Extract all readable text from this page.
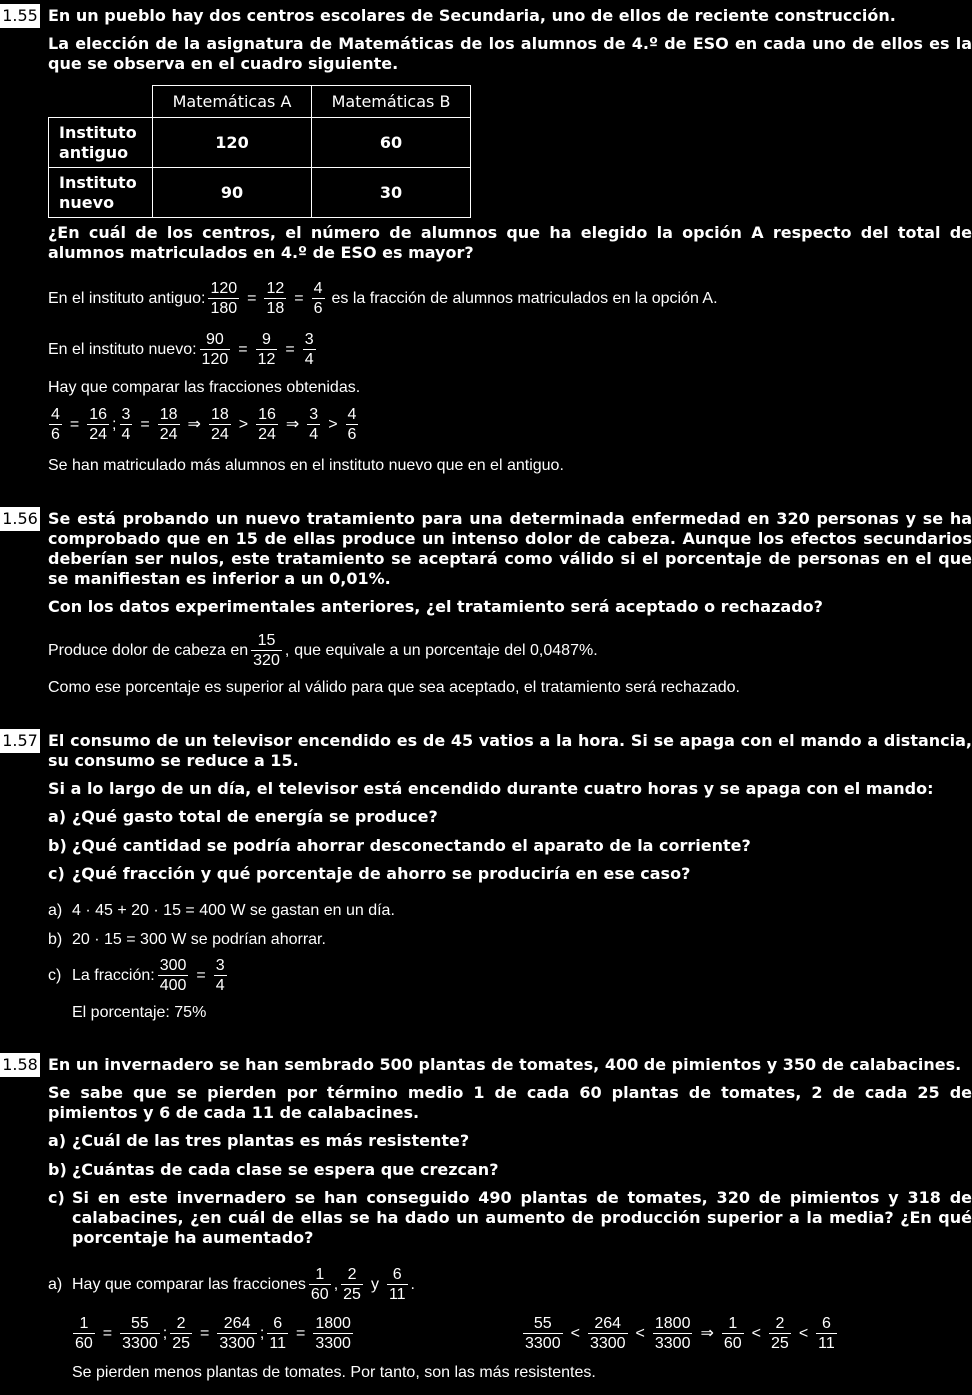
1.55 En un pueblo hay dos centros escolares de Secundaria, uno de ellos de reciente construcción.
La elección de la asignatura de Matemáticas de los alumnos de 4.º de ESO en cada uno de ellos es la que se observa en el cuadro siguiente.
	Matemáticas A	Matemáticas B
Instituto antiguo	120	60
Instituto nuevo	90	30
¿En cuál de los centros, el número de alumnos que ha elegido la opción A respecto del total de alumnos matriculados en 4.º de ESO es mayor?
En el instituto antiguo: $\frac{120}{180} = \frac{12}{18} = \frac{4}{6}$ es la fracción de alumnos matriculados en la opción A.
En el instituto nuevo: $\frac{90}{120} = \frac{9}{12} = \frac{3}{4}$
Hay que comparar las fracciones obtenidas.
$\frac{4}{6} = \frac{16}{24}$ ; $\frac{3}{4} = \frac{18}{24}$ ⇒ $\frac{18}{24} > \frac{16}{24}$ ⇒ $\frac{3}{4} > \frac{4}{6}$
Se han matriculado más alumnos en el instituto nuevo que en el antiguo.
1.56 Se está probando un nuevo tratamiento para una determinada enfermedad en 320 personas y se ha comprobado que en 15 de ellas produce un intenso dolor de cabeza. Aunque los efectos secundarios deberían ser nulos, este tratamiento se aceptará como válido si el porcentaje de personas en el que se manifiestan es inferior a un 0,01%.
Con los datos experimentales anteriores, ¿el tratamiento será aceptado o rechazado?
Produce dolor de cabeza en $\frac{15}{320}$ , que equivale a un porcentaje del 0,0487%.
Como ese porcentaje es superior al válido para que sea aceptado, el tratamiento será rechazado.
1.57 El consumo de un televisor encendido es de 45 vatios a la hora. Si se apaga con el mando a distancia, su consumo se reduce a 15.
Si a lo largo de un día, el televisor está encendido durante cuatro horas y se apaga con el mando:
a) ¿Qué gasto total de energía se produce?
b) ¿Qué cantidad se podría ahorrar desconectando el aparato de la corriente?
c) ¿Qué fracción y qué porcentaje de ahorro se produciría en ese caso?
a) 4 · 45 + 20 · 15 = 400 W se gastan en un día.
b) 20 · 15 = 300 W se podrían ahorrar.
c) La fracción: $\frac{300}{400} = \frac{3}{4}$
El porcentaje: 75%
1.58 En un invernadero se han sembrado 500 plantas de tomates, 400 de pimientos y 350 de calabacines.
Se sabe que se pierden por término medio 1 de cada 60 plantas de tomates, 2 de cada 25 de pimientos y 6 de cada 11 de calabacines.
a) ¿Cuál de las tres plantas es más resistente?
b) ¿Cuántas de cada clase se espera que crezcan?
c) Si en este invernadero se han conseguido 490 plantas de tomates, 320 de pimientos y 318 de calabacines, ¿en cuál de ellas se ha dado un aumento de producción superior a la media? ¿En qué porcentaje ha aumentado?
a) Hay que comparar las fracciones $\frac{1}{60}$ , $\frac{2}{25}$ y $\frac{6}{11}$ .
$\frac{1}{60} = \frac{55}{3300}$ ; $\frac{2}{25} = \frac{264}{3300}$ ; $\frac{6}{11} = \frac{1800}{3300}$	$\frac{55}{3300} < \frac{264}{3300} < \frac{1800}{3300}$ ⇒ $\frac{1}{60} < \frac{2}{25} < \frac{6}{11}$
Se pierden menos plantas de tomates. Por tanto, son las más resistentes.
